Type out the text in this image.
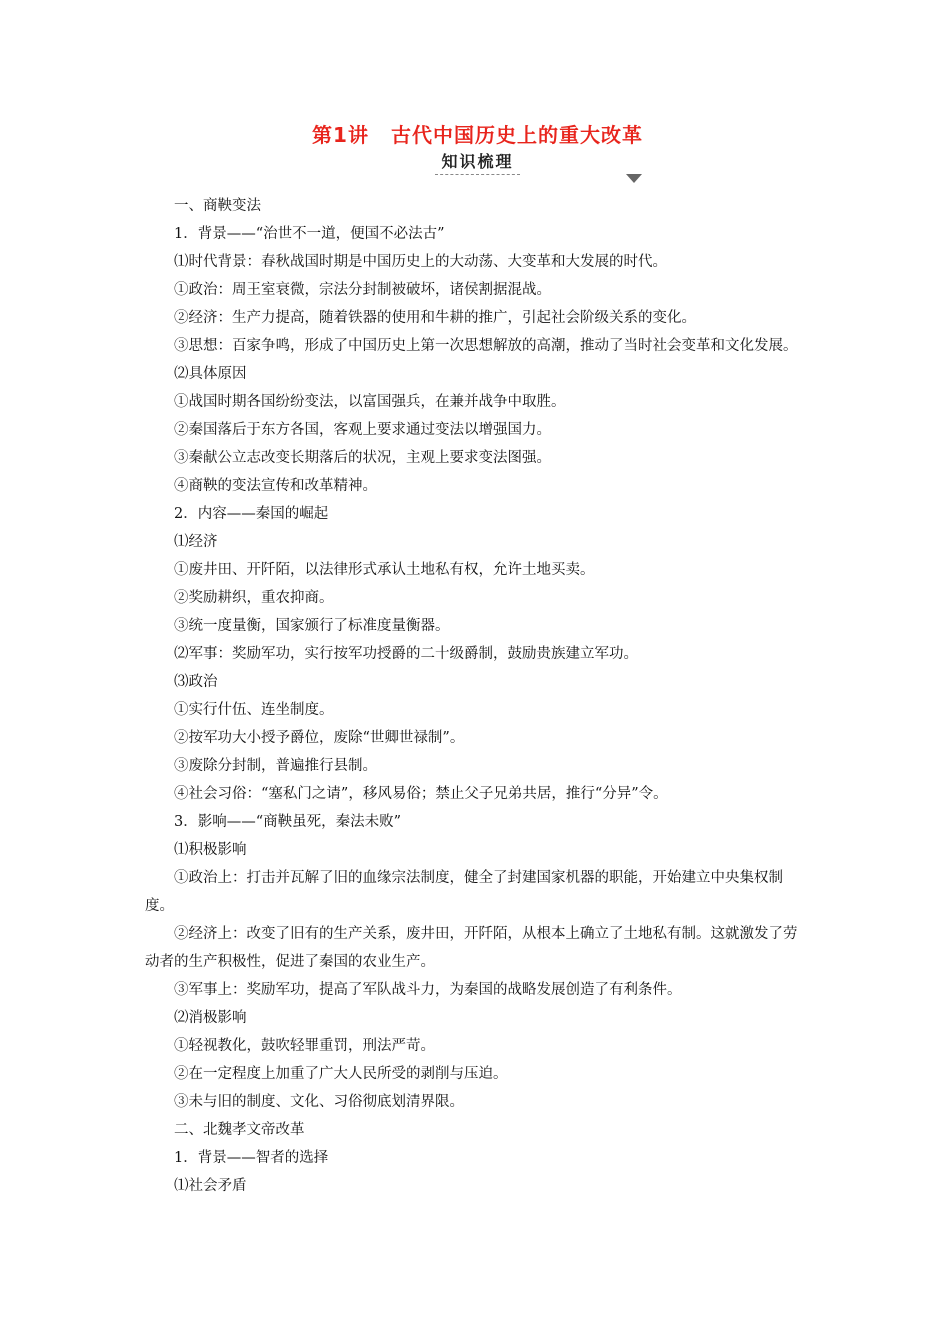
第1讲 古代中国历史上的重大改革
知识梳理

一、商鞅变法

1．背景——“治世不一道，便国不必法古”

⑴时代背景：春秋战国时期是中国历史上的大动荡、大变革和大发展的时代。

①政治：周王室衰微，宗法分封制被破坏，诸侯割据混战。

②经济：生产力提高，随着铁器的使用和牛耕的推广，引起社会阶级关系的变化。

③思想：百家争鸣，形成了中国历史上第一次思想解放的高潮，推动了当时社会变革和文化发展。

⑵具体原因

①战国时期各国纷纷变法，以富国强兵，在兼并战争中取胜。

②秦国落后于东方各国，客观上要求通过变法以增强国力。

③秦献公立志改变长期落后的状况，主观上要求变法图强。

④商鞅的变法宣传和改革精神。

2．内容——秦国的崛起

⑴经济

①废井田、开阡陌，以法律形式承认土地私有权，允许土地买卖。

②奖励耕织，重农抑商。

③统一度量衡，国家颁行了标准度量衡器。

⑵军事：奖励军功，实行按军功授爵的二十级爵制，鼓励贵族建立军功。

⑶政治

①实行什伍、连坐制度。

②按军功大小授予爵位，废除“世卿世禄制”。

③废除分封制，普遍推行县制。

④社会习俗：“塞私门之请”，移风易俗；禁止父子兄弟共居，推行“分异”令。

3．影响——“商鞅虽死，秦法未败”

⑴积极影响

①政治上：打击并瓦解了旧的血缘宗法制度，健全了封建国家机器的职能，开始建立中央集权制度。

②经济上：改变了旧有的生产关系，废井田，开阡陌，从根本上确立了土地私有制。这就激发了劳动者的生产积极性，促进了秦国的农业生产。

③军事上：奖励军功，提高了军队战斗力，为秦国的战略发展创造了有利条件。

⑵消极影响

①轻视教化，鼓吹轻罪重罚，刑法严苛。

②在一定程度上加重了广大人民所受的剥削与压迫。

③未与旧的制度、文化、习俗彻底划清界限。

二、北魏孝文帝改革

1．背景——智者的选择

⑴社会矛盾
